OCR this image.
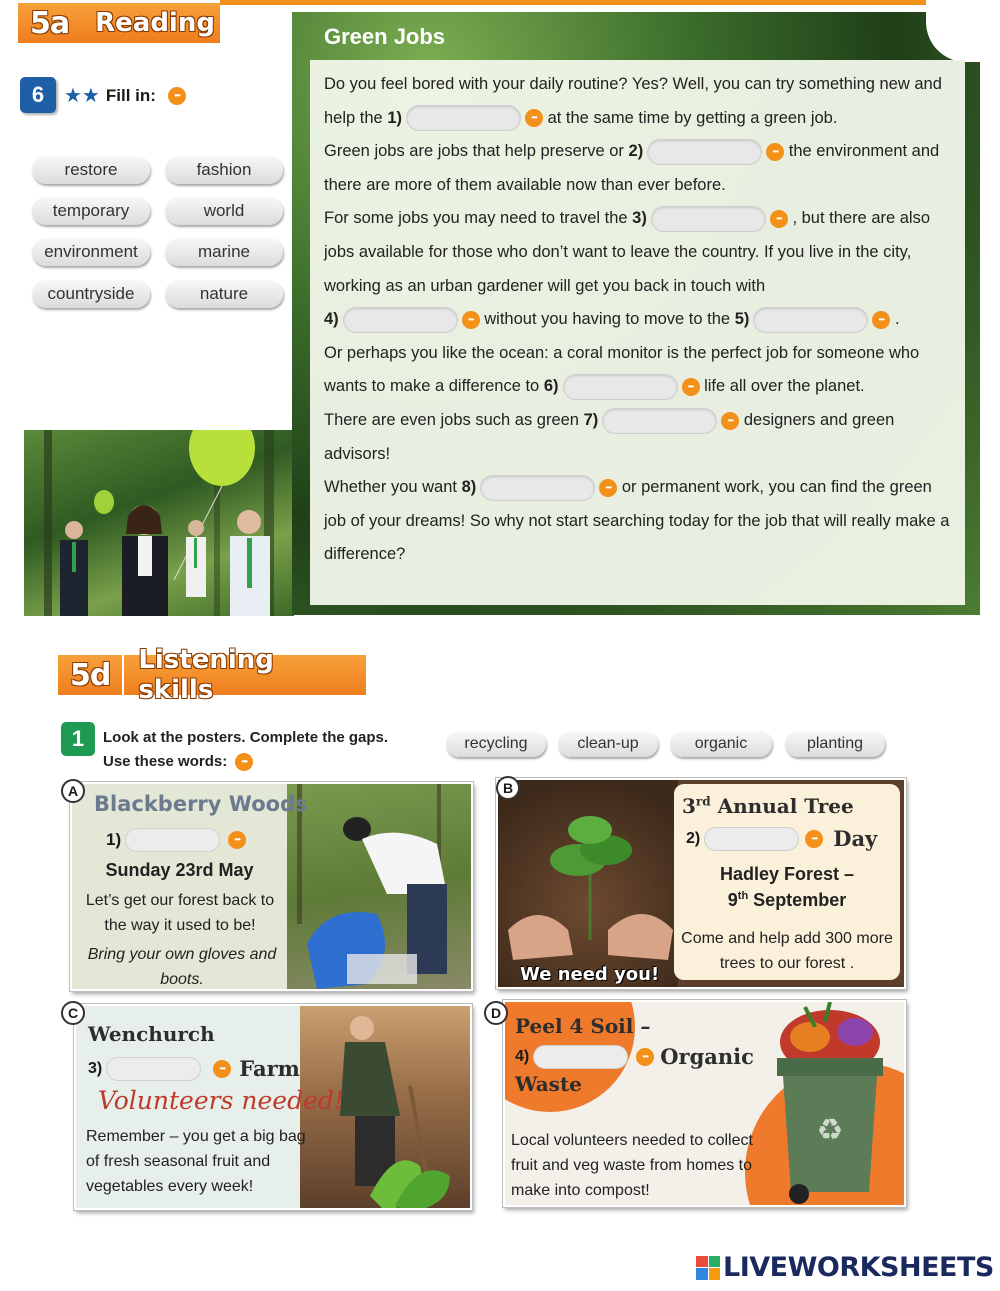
5a	Reading
6 ★★ Fill in:
•••
restore	fashion
temporary	world
environment	marine
countryside	nature
Green Jobs
Do you feel bored with your daily routine? Yes? Well, you can try something new and help the 1) •••	at the same time by getting a green job.
Green jobs are jobs that help preserve or 2) •••	the environment and there are more of them available now than ever before.
For some jobs you may need to travel the 3) •••	, but there are also jobs available for those who don’t want to leave the country. If you live in the city, working as an urban gardener will get you back in touch with
4) •••	without you having to move to the 5) •••	.
Or perhaps you like the ocean: a coral monitor is the perfect job for someone who wants to make a difference to 6) •••	life all over the planet.
There are even jobs such as green 7) •••	designers and green advisors!
Whether you want 8) •••	or permanent work, you can find the green job of your dreams! So why not start searching today for the job that will really make a difference?
5d	Listening skills
1	Look at the posters. Complete the gaps.
Use these words:
•••
recycling	clean-up	organic	planting
A
Blackberry Woods
1)
•••
Sunday 23rd May
Let’s get our forest back to the way it used to be!
Bring your own gloves and boots.
B
We need you!
3rd Annual Tree
2) •••	Day
Hadley Forest –
9th September
Come and help add 300 more trees to our forest .
C
Wenchurch
3) •••	Farm
Volunteers needed!
Remember – you get a big bag of fresh seasonal fruit and vegetables every week!
D
♻
Peel 4 Soil –
4) •••	Organic
Waste
Local volunteers needed to collect fruit and veg waste from homes to make into compost!
LIVEWORKSHEETS
